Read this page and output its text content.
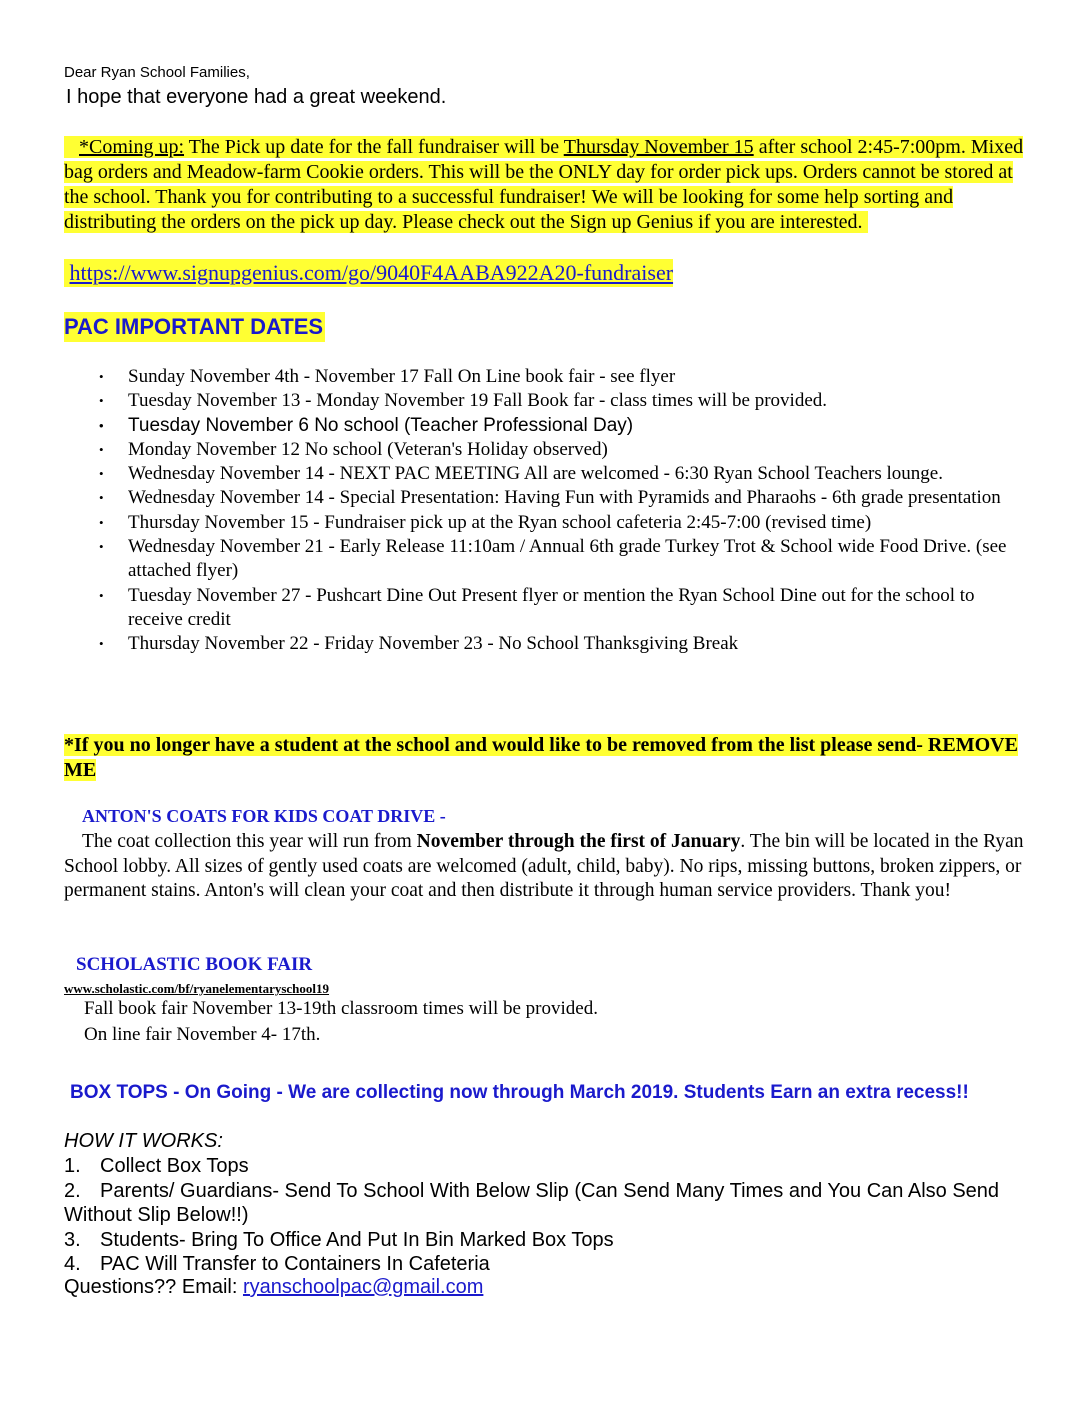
Dear Ryan School Families,
I hope that everyone had a great weekend.
*Coming up: The Pick up date for the fall fundraiser will be Thursday November 15 after school 2:45-7:00pm. Mixed bag orders and Meadow-farm Cookie orders. This will be the ONLY day for order pick ups. Orders cannot be stored at the school. Thank you for contributing to a successful fundraiser! We will be looking for some help sorting and distributing the orders on the pick up day. Please check out the Sign up Genius if you are interested.
https://www.signupgenius.com/go/9040F4AABA922A20-fundraiser
PAC IMPORTANT DATES
• Sunday November 4th - November 17 Fall On Line book fair - see flyer
• Tuesday November 13 - Monday November 19 Fall Book far - class times will be provided.
• Tuesday November 6 No school (Teacher Professional Day)
• Monday November 12 No school (Veteran's Holiday observed)
• Wednesday November 14 - NEXT PAC MEETING All are welcomed - 6:30 Ryan School Teachers lounge.
• Wednesday November 14 - Special Presentation: Having Fun with Pyramids and Pharaohs - 6th grade presentation
• Thursday November 15 - Fundraiser pick up at the Ryan school cafeteria 2:45-7:00 (revised time)
• Wednesday November 21 - Early Release 11:10am / Annual 6th grade Turkey Trot & School wide Food Drive. (see attached flyer)
• Tuesday November 27 - Pushcart Dine Out Present flyer or mention the Ryan School Dine out for the school to receive credit
• Thursday November 22 - Friday November 23 - No School Thanksgiving Break
*If you no longer have a student at the school and would like to be removed from the list please send- REMOVE ME
ANTON'S COATS FOR KIDS COAT DRIVE -
The coat collection this year will run from November through the first of January. The bin will be located in the Ryan School lobby. All sizes of gently used coats are welcomed (adult, child, baby). No rips, missing buttons, broken zippers, or permanent stains. Anton's will clean your coat and then distribute it through human service providers. Thank you!
SCHOLASTIC BOOK FAIR
www.scholastic.com/bf/ryanelementaryschool19
Fall book fair November 13-19th classroom times will be provided.
On line fair November 4- 17th.
BOX TOPS - On Going - We are collecting now through March 2019. Students Earn an extra recess!!
HOW IT WORKS:
1. Collect Box Tops
2. Parents/ Guardians- Send To School With Below Slip (Can Send Many Times and You Can Also Send Without Slip Below!!)
3. Students- Bring To Office And Put In Bin Marked Box Tops
4. PAC Will Transfer to Containers In Cafeteria
Questions?? Email: ryanschoolpac@gmail.com
